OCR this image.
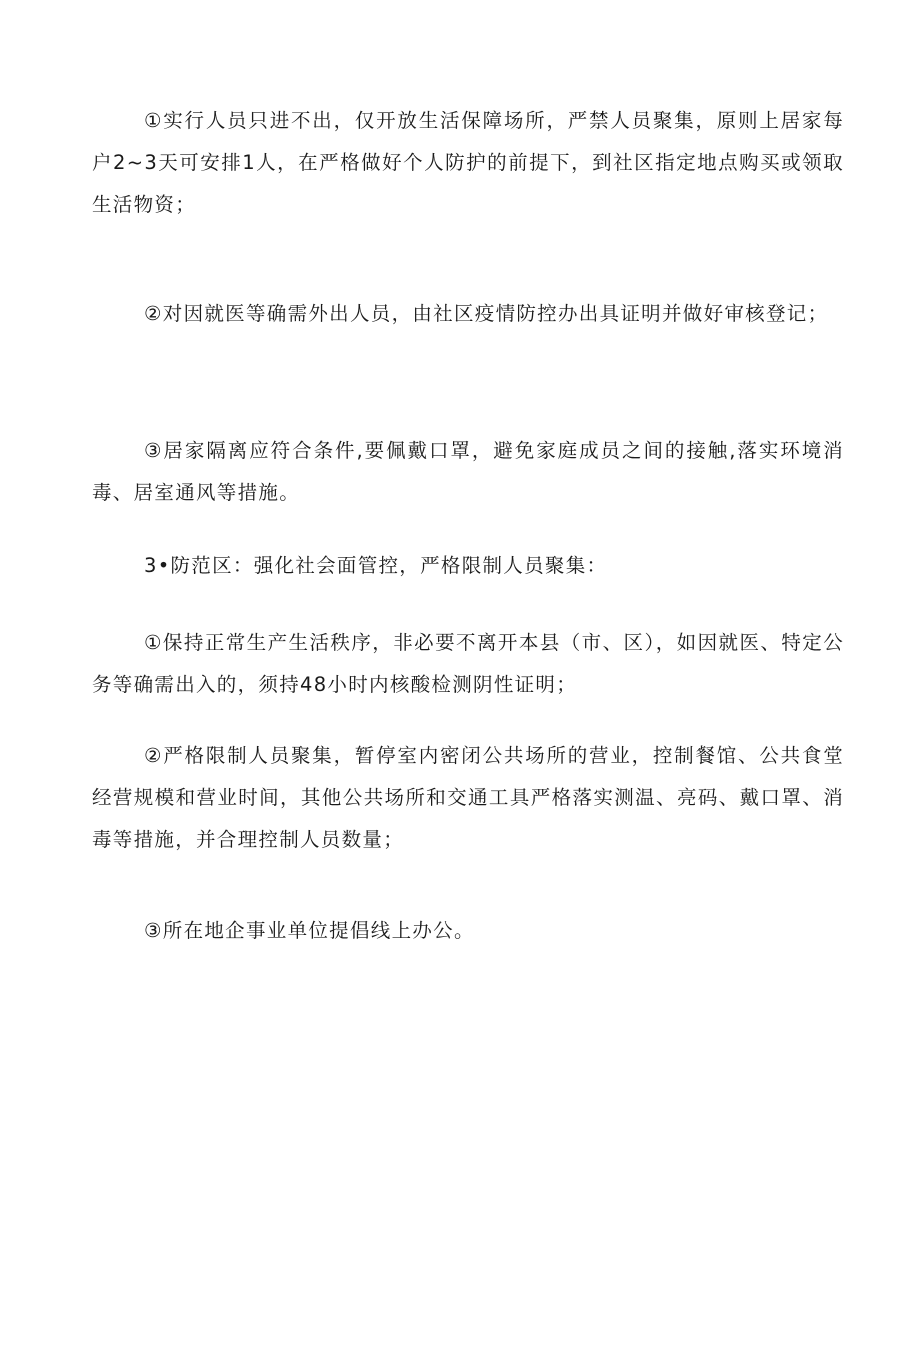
①实行人员只进不出，仅开放生活保障场所，严禁人员聚集，原则上居家每户2~3天可安排1人，在严格做好个人防护的前提下，到社区指定地点购买或领取生活物资；

②对因就医等确需外出人员，由社区疫情防控办出具证明并做好审核登记；

③居家隔离应符合条件,要佩戴口罩，避免家庭成员之间的接触,落实环境消毒、居室通风等措施。

3•防范区：强化社会面管控，严格限制人员聚集：

①保持正常生产生活秩序，非必要不离开本县（市、区），如因就医、特定公务等确需出入的，须持48小时内核酸检测阴性证明；

②严格限制人员聚集，暂停室内密闭公共场所的营业，控制餐馆、公共食堂经营规模和营业时间，其他公共场所和交通工具严格落实测温、亮码、戴口罩、消毒等措施，并合理控制人员数量；

③所在地企事业单位提倡线上办公。
